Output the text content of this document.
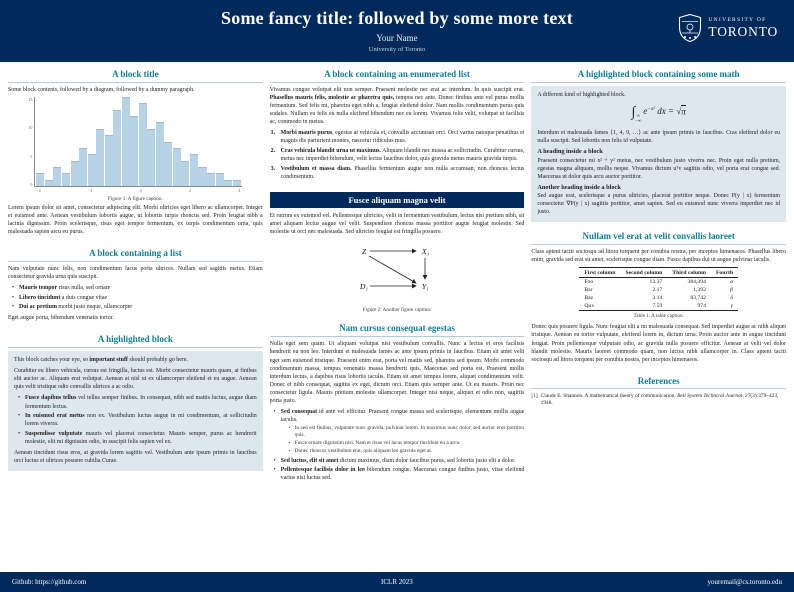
Some fancy title: followed by some more text
Your Name
University of Toronto
UNIVERSITY OF
TORONTO
A block title

Some block contents, followed by a diagram, followed by a dummy paragraph.

15
10
5
0
−4	−2	0	2	4
Figure 1: A figure caption.

Lorem ipsum dolor sit amet, consectetur adipiscing elit. Morbi ultricies eget libero ac ullamcorper. Integer et euismod ante. Aenean vestibulum lobortis augue, ut lobortis turpis rhoncus sed. Proin feugiat nibh a lacinia dignissim. Proin scelerisque, risus eget tempor fermentum, ex turpis condimentum urna, quis malesuada sapien arcu eu purus.

A block containing a list

Nam vulputate nunc felis, non condimentum lacus porta ultrices. Nullam sed sagittis metus. Etiam consectetur gravida urna quis suscipit.

• Mauris tempor risus nulla, sed ornare
• Libero tincidunt a duis congue vitae
• Dui ac pretium morbi justo neque, ullamcorper

Eget augue porta, bibendum venenatis tortor.

A highlighted block

This block catches your eye, so important stuff should probably go here.

Curabitur eu libero vehicula, cursus est fringilla, luctus est. Morbi consectetur mauris quam, at finibus elit auctor ac. Aliquam erat volutpat. Aenean at nisl ut ex ullamcorper eleifend et eu augue. Aenean quis velit tristique odio convallis ultrices a ac odio.

• Fusce dapibus tellus vel tellus semper finibus. In consequat, nibh sed mattis luctus, augue diam fermentum lectus.
• In euismod erat metus non ex. Vestibulum luctus augue in mi condimentum, at sollicitudin lorem viverra.
• Suspendisse vulputate mauris vel placerat consectetur. Mauris semper, purus ac hendrerit molestie, elit mi dignissim odio, in suscipit felis sapien vel ex.

Aenean tincidunt risus eros, at gravida lorem sagittis vel. Vestibulum ante ipsum primis in faucibus orci luctus et ultrices posuere cubilia Curae.

A block containing an enumerated list

Vivamus congue volutpat elit non semper. Praesent molestie nec erat ac interdum. In quis suscipit erat. Phasellus mauris felis, molestie ac pharetra quis, tempus nec ante. Donec finibus ante vel purus mollis fermentum. Sed felis mi, pharetra eget nibh a, feugiat eleifend dolor. Nam mollis condimentum purus quis sodales. Nullam eu felis eu nulla eleifend bibendum nec eu lorem. Vivamus felis velit, volutpat ut facilisis ac, commodo in metus.

Morbi mauris purus, egestas at vehicula et, convallis accumsan orci. Orci varius natoque penatibus et magnis dis parturient montes, nascetur ridiculus mus.
Cras vehicula blandit urna ut maximus. Aliquam blandit nec massa ac sollicitudin. Curabitur cursus, metus nec imperdiet bibendum, velit lectus faucibus dolor, quis gravida metus mauris gravida turpis.
Vestibulum et massa diam. Phasellus fermentum augue non nulla accumsan, non rhoncus lectus condimentum.
Fusce aliquam magna velit

Et rutrum ex euismod vel. Pellentesque ultricies, velit in fermentum vestibulum, lectus nisi pretium nibh, sit amet aliquam lectus augue vel velit. Suspendisse rhoncus massa porttitor augue feugiat molestie. Sed molestie ut orci nec malesuada. Sed ultricies feugiat est fringilla posuere.

Z	X₁
D₁	Y₁
Figure 2: Another figure caption.
Nam cursus consequat egestas

Nulla eget sem quam. Ut aliquam volutpat nisi vestibulum convallis. Nunc a lectus et eros facilisis hendrerit eu non leo. Interdum et malesuada fames ac ante ipsum primis in faucibus. Etiam sit amet velit eget sem euismod tristique. Praesent enim erat, porta vel mattis sed, pharetra sed ipsum. Morbi commodo condimentum massa, tempus venenatis massa hendrerit quis. Maecenas sed porta est. Praesent mollis interdum lectus, a dapibus risus lobortis iaculis. Etiam sit amet tempus lorem, aliquet condimentum velit. Donec et nibh consequat, sagittis ex eget, dictum orci. Etiam quis semper ante. Ut eu mauris. Proin nec consectetur ligula. Mauris pretium molestie ullamcorper. Integer nisi neque, aliquet et odio non, sagittis porta justo.

• Sed consequat id ante vel efficitur. Praesent congue massa sed scelerisque, elementum mollis augue iaculis.
• In sed est finibus, vulputate nunc gravida, pulvinar lorem. In maximus nunc dolor, sed auctor eros porttitor quis.
• Fusce ornare dignissim nisi. Nam et risus vel lacus tempor tincidunt eu a arcu.
• Donec rhoncus vestibulum erat, quis aliquam leo gravida eget at.
• Sed luctus, elit sit amet dictum maximus, diam dolor faucibus purus, sed lobortis justo elit a dolor.
• Pellentesque facilisis dolor in leo bibendum congue. Maecenas congue finibus justo, vitae eleifend varius nisi luctus sed.
A highlighted block containing some math

A different kind of highlighted block.

∫ ∞
−∞
$e^{-x^2}$ dx = √π

Interdum et malesuada fames {1, 4, 9, …} ac ante ipsum primis in faucibus. Cras eleifend dolor eu nulla suscipit. Sed lobortis non felis id vulputate.

A heading inside a block

Praesent consectetur mi x² + y² metus, nec vestibulum justo viverra nec. Proin eget nulla pretium, egestas magna aliquam, mollis neque. Vivamus dictum uᵀv sagittis odio, vel porta erat congue sed. Maecenas ut dolor quis arcu auctor porttitor.

Another heading inside a block

Sed augue erat, scelerisque a purus ultricies, placerat porttitor neque. Donec P(y | x) fermentum consectetur ∇P(y | x) sagittis porttitor, amet sapien. Sed eu euismod nunc viverra imperdiet nec id justo.

Nullam vel erat at velit convallis laoreet

Class aptent taciti sociosqu ad litora torquent per conubia nostra, per inceptos himenaeos. Phasellus libero enim, gravida sed erat sit amet, scelerisque congue diam. Fusce dapibus dui ut augue pulvinar iaculis.

First column	Second column	Third column	Fourth
Foo	13.37	384,394	α
Bar	2.17	1,392	β
Baz	3.14	83,742	δ
Qux	7.59	974	γ
Table 1. A table caption.

Donec quis posuere ligula. Nunc feugiat elit a mi malesuada consequat. Sed imperdiet augue ac nibh aliquet tristique. Aenean eu tortor vulputate, eleifend lorem in, dictum urna. Proin auctor ante in augue tincidunt feugiat. Proin pellentesque vulputate odio, ac gravida nulla posuere efficitur. Aenean at velit vel dolor blandit molestie. Mauris laoreet commodo quam, non luctus nibh ullamcorper in. Class aptent taciti sociosqu ad litora torquent per conubia nostra, per inceptos himenaeos.

References
[1] Claude E. Shannon. A mathematical theory of communication. Bell System Technical Journal, 27(3):379–423, 1948.
Github: https://github.com	ICLR 2023	youremail@cs.toronto.edu
